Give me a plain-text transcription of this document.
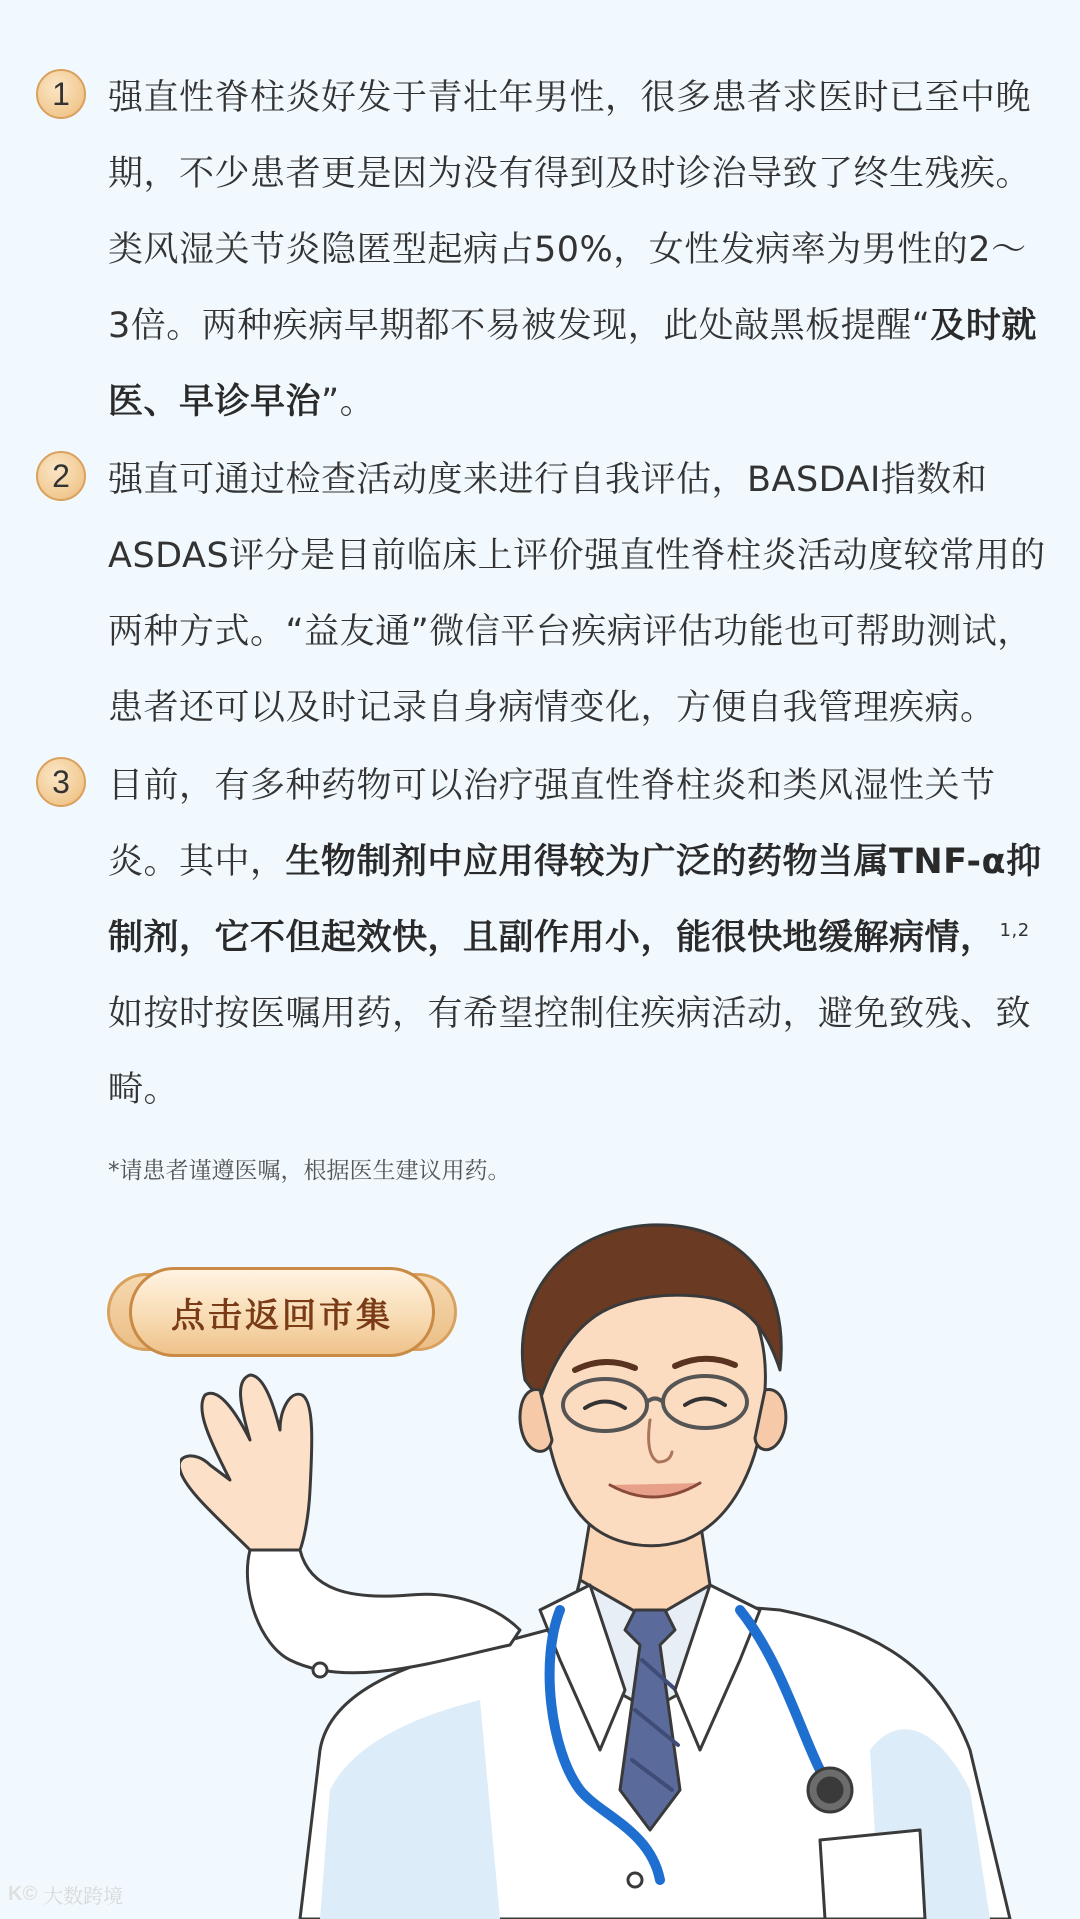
1	强直性脊柱炎好发于青壮年男性，很多患者求医时已至中晚期，不少患者更是因为没有得到及时诊治导致了终生残疾。类风湿关节炎隐匿型起病占50%，女性发病率为男性的2～3倍。两种疾病早期都不易被发现，此处敲黑板提醒“及时就医、早诊早治”。
2	强直可通过检查活动度来进行自我评估，BASDAI指数和ASDAS评分是目前临床上评价强直性脊柱炎活动度较常用的两种方式。“益友通”微信平台疾病评估功能也可帮助测试，患者还可以及时记录自身病情变化，方便自我管理疾病。
3	目前，有多种药物可以治疗强直性脊柱炎和类风湿性关节炎。其中，生物制剂中应用得较为广泛的药物当属TNF-α抑制剂，它不但起效快，且副作用小，能很快地缓解病情， $^{1,2}$如按时按医嘱用药，有希望控制住疾病活动，避免致残、致畸。
*请患者谨遵医嘱，根据医生建议用药。
点击返回市集
K© 大数跨境
